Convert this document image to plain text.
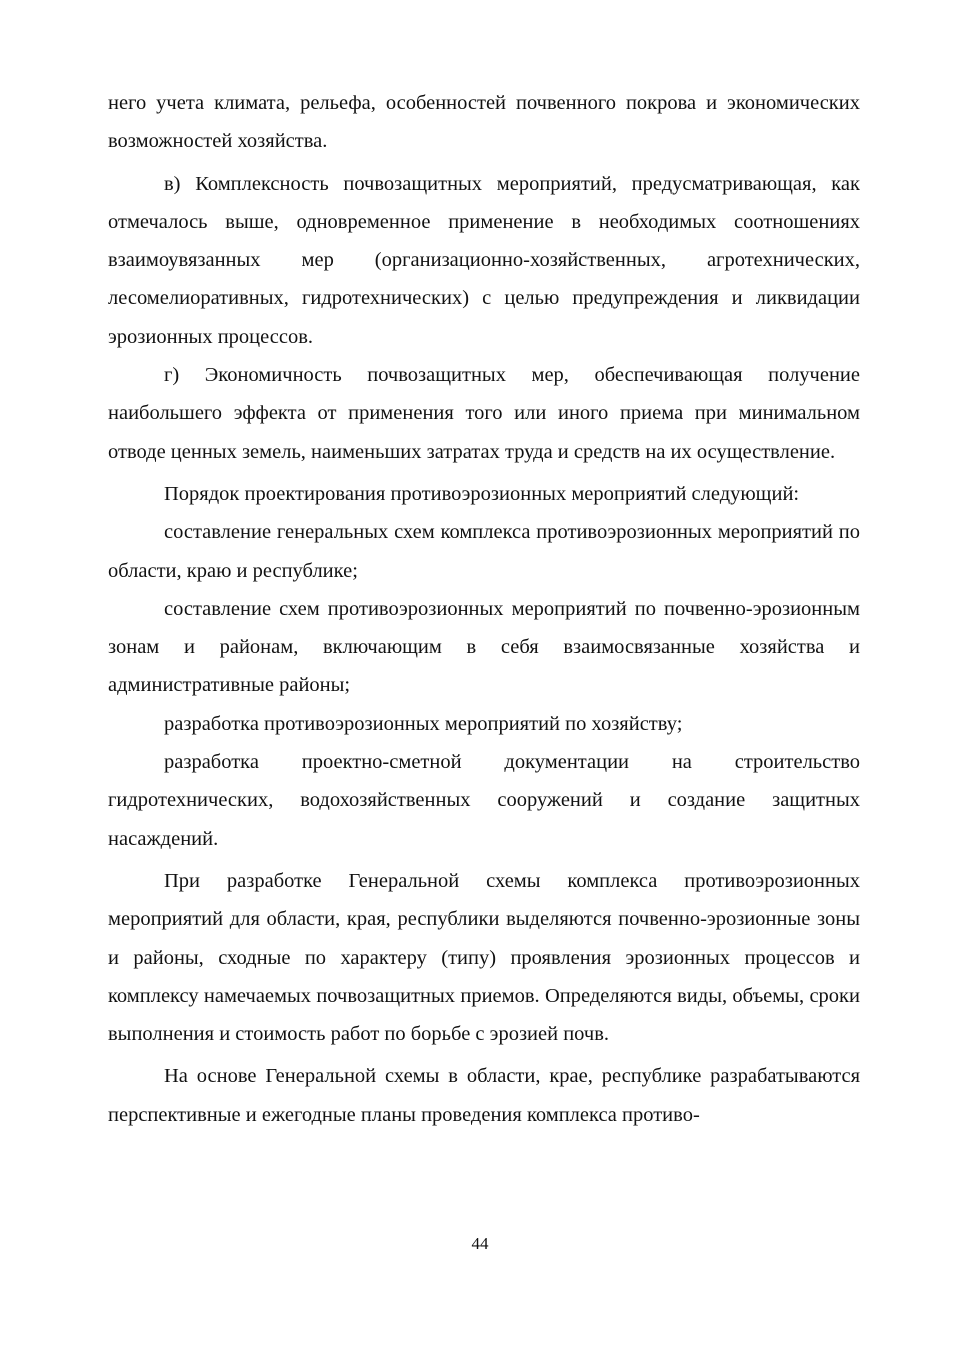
него учета климата, рельефа, особенностей почвенного покрова и экономических возможностей хозяйства.

в) Комплексность почвозащитных мероприятий, предусматривающая, как отмечалось выше, одновременное применение в необходимых соотношениях взаимоувязанных мер (организационно-хозяйственных, агротехнических, лесомелиоративных, гидротехнических) с целью предупреждения и ликвидации эрозионных процессов.

г) Экономичность почвозащитных мер, обеспечивающая получение наибольшего эффекта от применения того или иного приема при минимальном отводе ценных земель, наименьших затратах труда и средств на их осуществление.

Порядок проектирования противоэрозионных мероприятий следующий:

составление генеральных схем комплекса противоэрозионных мероприятий по области, краю и республике;

составление схем противоэрозионных мероприятий по почвенно-эрозионным зонам и районам, включающим в себя взаимосвязанные хозяйства и административные районы;

разработка противоэрозионных мероприятий по хозяйству;

разработка проектно-сметной документации на строительство гидротехнических, водохозяйственных сооружений и создание защитных насаждений.

При разработке Генеральной схемы комплекса противоэрозионных мероприятий для области, края, республики выделяются почвенно-эрозионные зоны и районы, сходные по характеру (типу) проявления эрозионных процессов и комплексу намечаемых почвозащитных приемов. Определяются виды, объемы, сроки выполнения и стоимость работ по борьбе с эрозией почв.

На основе Генеральной схемы в области, крае, республике разрабатываются перспективные и ежегодные планы проведения комплекса противо-

44
